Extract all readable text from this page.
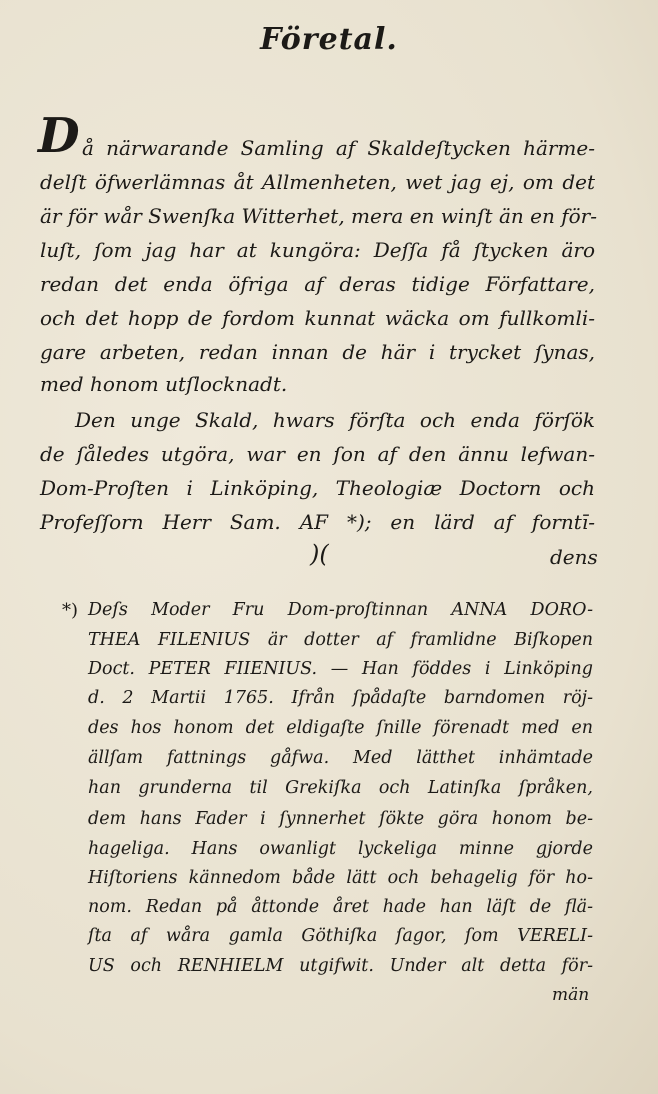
Företal.
D å närwarande Samling af Skaldeſtycken härme-
delſt öfwerlämnas åt Allmenheten, wet jag ej, om det
är för wår Swenſka Witterhet, mera en winſt än en för-
luſt, ſom jag har at kungöra: Deſſa få ſtycken äro
redan det enda öfriga af deras tidige Författare,
och det hopp de fordom kunnat wäcka om fullkomli-
gare arbeten, redan innan de här i trycket ſynas,
med honom utſlocknadt.
Den unge Skald, hwars förſta och enda förſök
de ſåledes utgöra, war en ſon af den ännu lefwan-
Dom-Proſten i Linköping, Theologiæ Doctorn och
Profeſſorn Herr Sam. AF *); en lärd af forntī-
)(	dens
*) Deſs Moder Fru Dom-proſtinnan ANNA DORO-
THEA FILENIUS är dotter af framlidne Biſkopen
Doct. PETER FIIENIUS. — Han föddes i Linköping
d. 2 Martii 1765. Ifrån ſpådaſte barndomen röj-
des hos honom det eldigaſte ſnille förenadt med en
ällſam fattnings gåfwa. Med lätthet inhämtade
han grunderna til Grekiſka och Latinſka ſpråken,
dem hans Fader i ſynnerhet ſökte göra honom be-
hageliga. Hans owanligt lyckeliga minne gjorde
Hiſtoriens kännedom både lätt och behagelig för ho-
nom. Redan på åttonde året hade han läſt de flä-
ſta af wåra gamla Göthiſka ſagor, ſom VERELI-
US och RENHIELM utgifwit. Under alt detta för-
män
